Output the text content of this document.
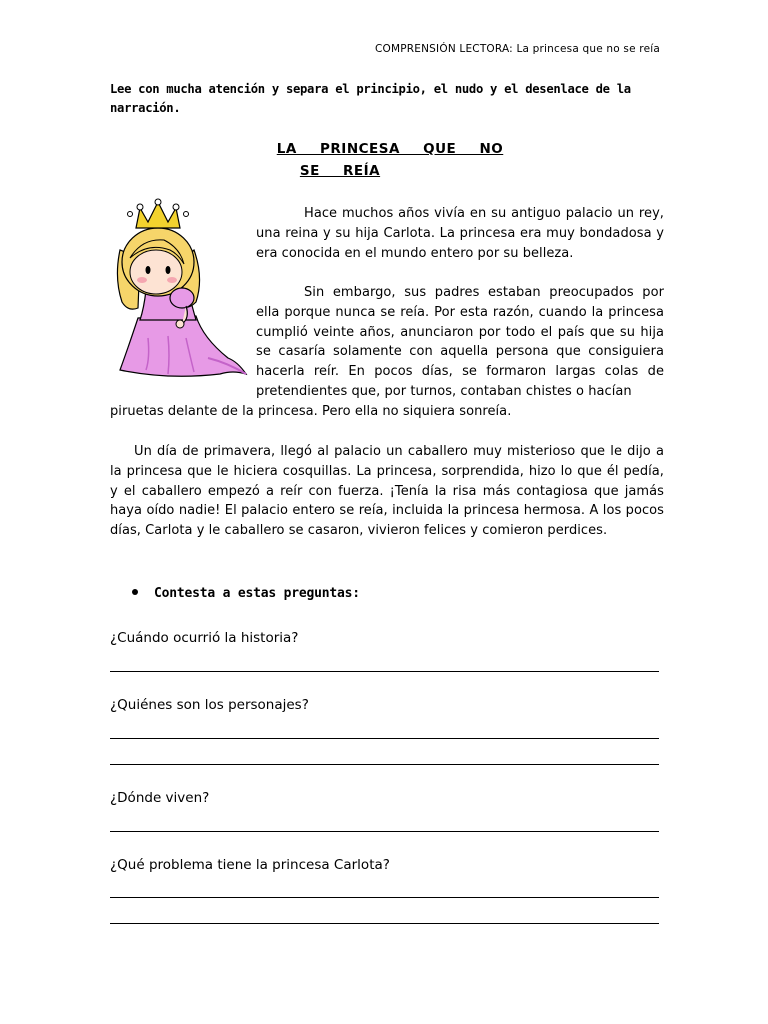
COMPRENSIÓN LECTORA: La princesa que no se reía
Lee con mucha atención y separa el principio, el nudo y el desenlace de la narración.
LA PRINCESA QUE NO
SE REÍA

Hace muchos años vivía en su antiguo palacio un rey, una reina y su hija Carlota. La princesa era muy bondadosa y era conocida en el mundo entero por su belleza.

Sin embargo, sus padres estaban preocupados por ella porque nunca se reía. Por esta razón, cuando la princesa cumplió veinte años, anunciaron por todo el país que su hija se casaría solamente con aquella persona que consiguiera hacerla reír. En pocos días, se formaron largas colas de pretendientes que, por turnos, contaban chistes o hacían

piruetas delante de la princesa. Pero ella no siquiera sonreía.

Un día de primavera, llegó al palacio un caballero muy misterioso que le dijo a la princesa que le hiciera cosquillas. La princesa, sorprendida, hizo lo que él pedía, y el caballero empezó a reír con fuerza. ¡Tenía la risa más contagiosa que jamás haya oído nadie! El palacio entero se reía, incluida la princesa hermosa. A los pocos días, Carlota y le caballero se casaron, vivieron felices y comieron perdices.

Contesta a estas preguntas:
¿Cuándo ocurrió la historia?
¿Quiénes son los personajes?
¿Dónde viven?
¿Qué problema tiene la princesa Carlota?
